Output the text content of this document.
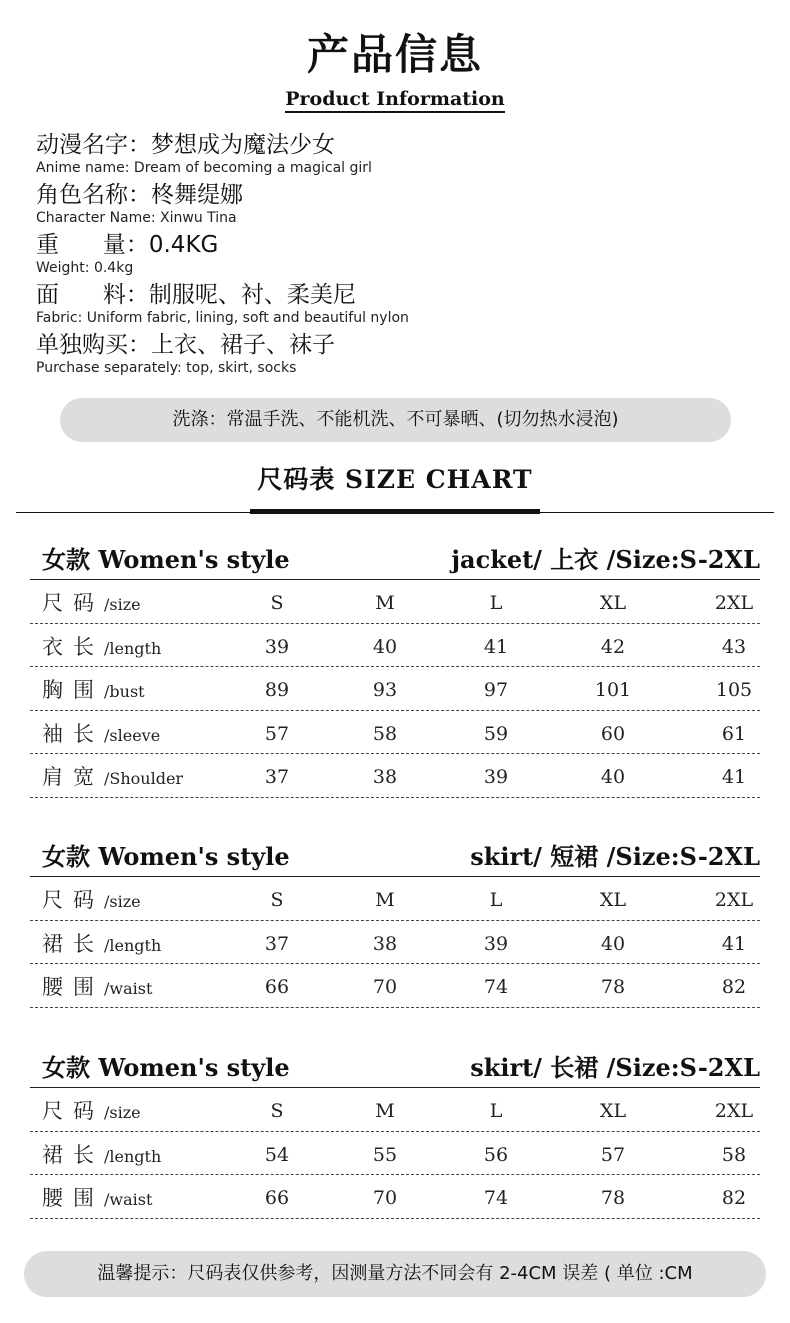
产品信息
Product Information
动漫名字：梦想成为魔法少女
Anime name: Dream of becoming a magical girl
角色名称：柊舞缇娜
Character Name: Xinwu Tina
重      量：0.4KG
Weight: 0.4kg
面      料：制服呢、衬、柔美尼
Fabric: Uniform fabric, lining, soft and beautiful nylon
单独购买：上衣、裙子、袜子
Purchase separately: top, skirt, socks
洗涤：常温手洗、不能机洗、不可暴晒、(切勿热水浸泡)
尺码表 SIZE CHART
女款 Women's style	jacket/ 上衣 /Size:S-2XL
尺码/size	S	M	L	XL	2XL
衣长/length	39	40	41	42	43
胸围/bust	89	93	97	101	105
袖长/sleeve	57	58	59	60	61
肩宽/Shoulder	37	38	39	40	41
女款 Women's style	skirt/ 短裙 /Size:S-2XL
尺码/size	S	M	L	XL	2XL
裙长/length	37	38	39	40	41
腰围/waist	66	70	74	78	82
女款 Women's style	skirt/ 长裙 /Size:S-2XL
尺码/size	S	M	L	XL	2XL
裙长/length	54	55	56	57	58
腰围/waist	66	70	74	78	82
温馨提示：尺码表仅供参考，因测量方法不同会有 2-4CM 误差 ( 单位 :CM
